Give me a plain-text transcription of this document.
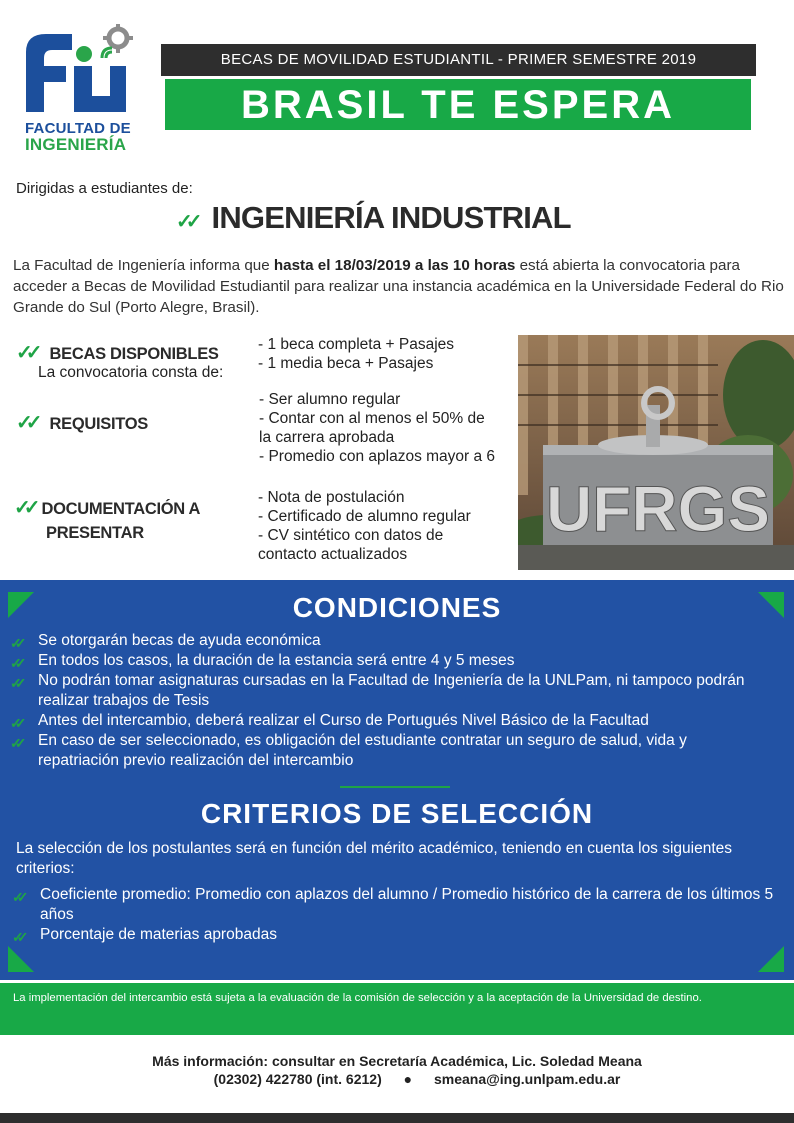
FACULTAD DE
INGENIERÍA
BECAS DE MOVILIDAD ESTUDIANTIL - PRIMER SEMESTRE 2019
BRASIL TE ESPERA
Dirigidas a estudiantes de:
✓✓ INGENIERÍA INDUSTRIAL
La Facultad de Ingeniería informa que hasta el 18/03/2019 a las 10 horas está abierta la convocatoria para acceder a Becas de Movilidad Estudiantil para realizar una instancia académica en la Universidade Federal do Rio Grande do Sul (Porto Alegre, Brasil).
✓✓ BECAS DISPONIBLES
La convocatoria consta de:
- 1 beca completa + Pasajes
- 1 media beca + Pasajes
✓✓ REQUISITOS
- Ser alumno regular
- Contar con al menos el 50% de
la carrera aprobada
- Promedio con aplazos mayor a 6
✓✓ DOCUMENTACIÓN A
PRESENTAR
- Nota de postulación
- Certificado de alumno regular
- CV sintético con datos de
contacto actualizados
UFRGS
CONDICIONES
✓✓ Se otorgarán becas de ayuda económica
✓✓ En todos los casos, la duración de la estancia será entre 4 y 5 meses
✓✓ No podrán tomar asignaturas cursadas en la Facultad de Ingeniería de la UNLPam, ni tampoco podrán realizar trabajos de Tesis
✓✓ Antes del intercambio, deberá realizar el Curso de Portugués Nivel Básico de la Facultad
✓✓ En caso de ser seleccionado, es obligación del estudiante contratar un seguro de salud, vida y repatriación previo realización del intercambio
CRITERIOS DE SELECCIÓN
La selección de los postulantes será en función del mérito académico, teniendo en cuenta los siguientes criterios:
✓✓ Coeficiente promedio: Promedio con aplazos del alumno / Promedio histórico de la carrera de los últimos 5 años
✓✓ Porcentaje de materias aprobadas
La implementación del intercambio está sujeta a la evaluación de la comisión de selección y a la aceptación de la Universidad de destino.
Más información: consultar en Secretaría Académica, Lic. Soledad Meana
(02302) 422780 (int. 6212) ● smeana@ing.unlpam.edu.ar
